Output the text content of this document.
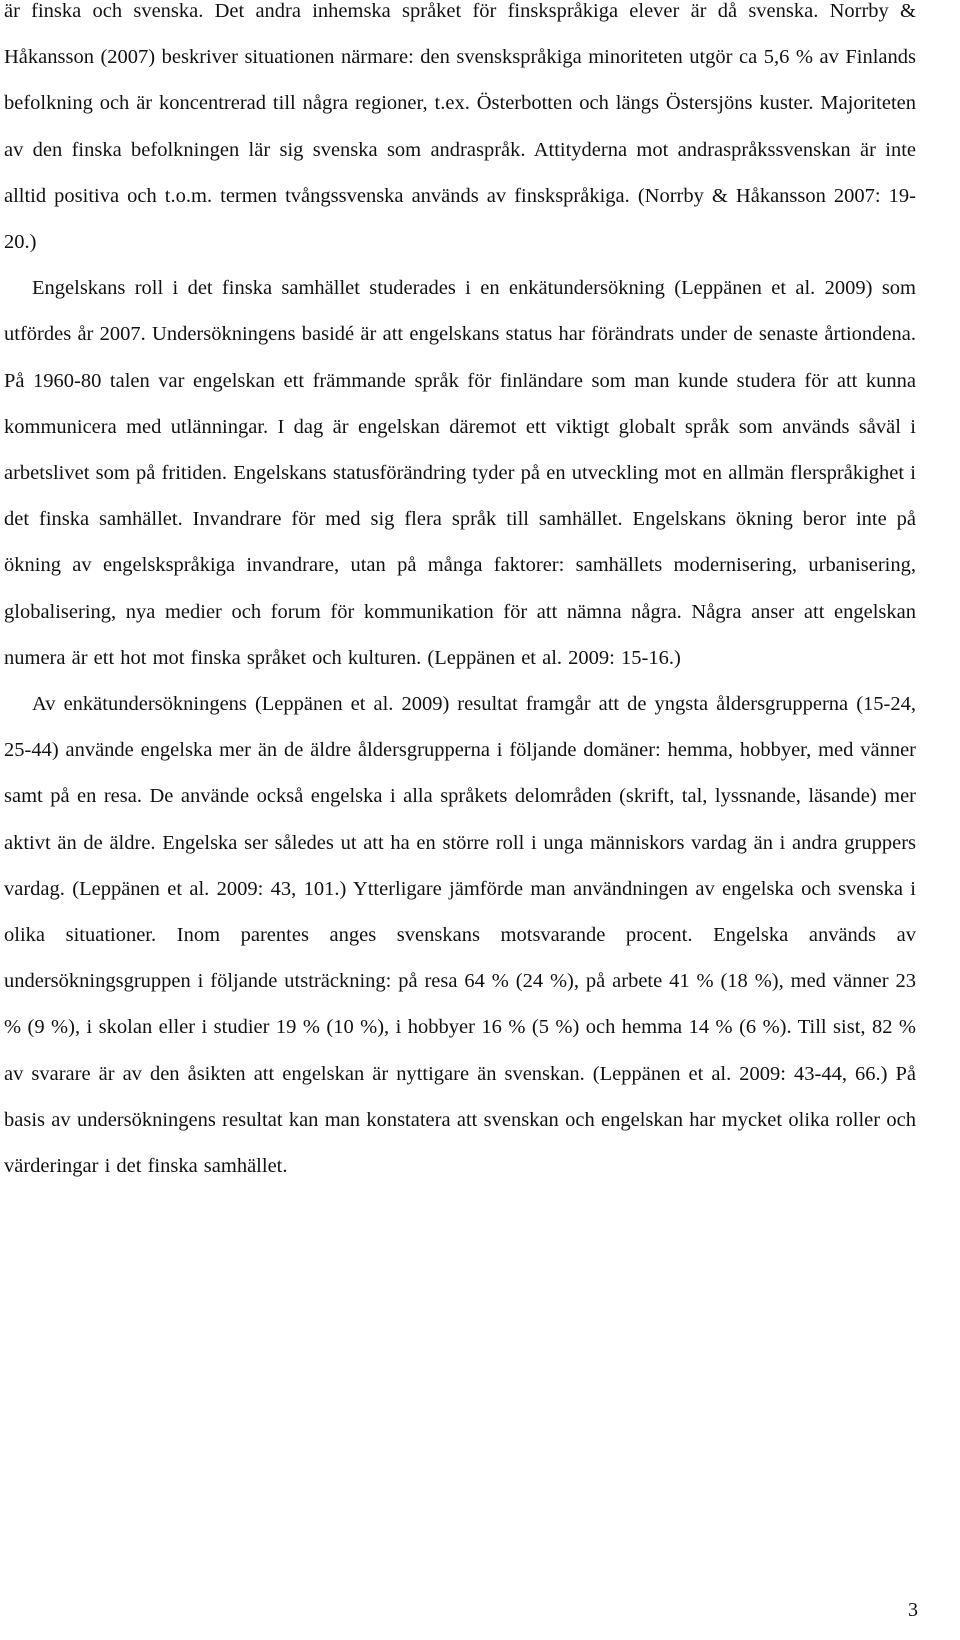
är finska och svenska. Det andra inhemska språket för finskspråkiga elever är då svenska. Norrby & Håkansson (2007) beskriver situationen närmare: den svenskspråkiga minoriteten utgör ca 5,6 % av Finlands befolkning och är koncentrerad till några regioner, t.ex. Österbotten och längs Östersjöns kuster. Majoriteten av den finska befolkningen lär sig svenska som andraspråk. Attityderna mot andraspråkssvenskan är inte alltid positiva och t.o.m. termen tvångssvenska används av finskspråkiga. (Norrby & Håkansson 2007: 19-20.)

Engelskans roll i det finska samhället studerades i en enkätundersökning (Leppänen et al. 2009) som utfördes år 2007. Undersökningens basidé är att engelskans status har förändrats under de senaste årtiondena. På 1960-80 talen var engelskan ett främmande språk för finländare som man kunde studera för att kunna kommunicera med utlänningar. I dag är engelskan däremot ett viktigt globalt språk som används såväl i arbetslivet som på fritiden. Engelskans statusförändring tyder på en utveckling mot en allmän flerspråkighet i det finska samhället. Invandrare för med sig flera språk till samhället. Engelskans ökning beror inte på ökning av engelskspråkiga invandrare, utan på många faktorer: samhällets modernisering, urbanisering, globalisering, nya medier och forum för kommunikation för att nämna några. Några anser att engelskan numera är ett hot mot finska språket och kulturen. (Leppänen et al. 2009: 15-16.)

Av enkätundersökningens (Leppänen et al. 2009) resultat framgår att de yngsta åldersgrupperna (15-24, 25-44) använde engelska mer än de äldre åldersgrupperna i följande domäner: hemma, hobbyer, med vänner samt på en resa. De använde också engelska i alla språkets delområden (skrift, tal, lyssnande, läsande) mer aktivt än de äldre. Engelska ser således ut att ha en större roll i unga människors vardag än i andra gruppers vardag. (Leppänen et al. 2009: 43, 101.) Ytterligare jämförde man användningen av engelska och svenska i olika situationer. Inom parentes anges svenskans motsvarande procent. Engelska används av undersökningsgruppen i följande utsträckning: på resa 64 % (24 %), på arbete 41 % (18 %), med vänner 23 % (9 %), i skolan eller i studier 19 % (10 %), i hobbyer 16 % (5 %) och hemma 14 % (6 %). Till sist, 82 % av svarare är av den åsikten att engelskan är nyttigare än svenskan. (Leppänen et al. 2009: 43-44, 66.) På basis av undersökningens resultat kan man konstatera att svenskan och engelskan har mycket olika roller och värderingar i det finska samhället.

3
